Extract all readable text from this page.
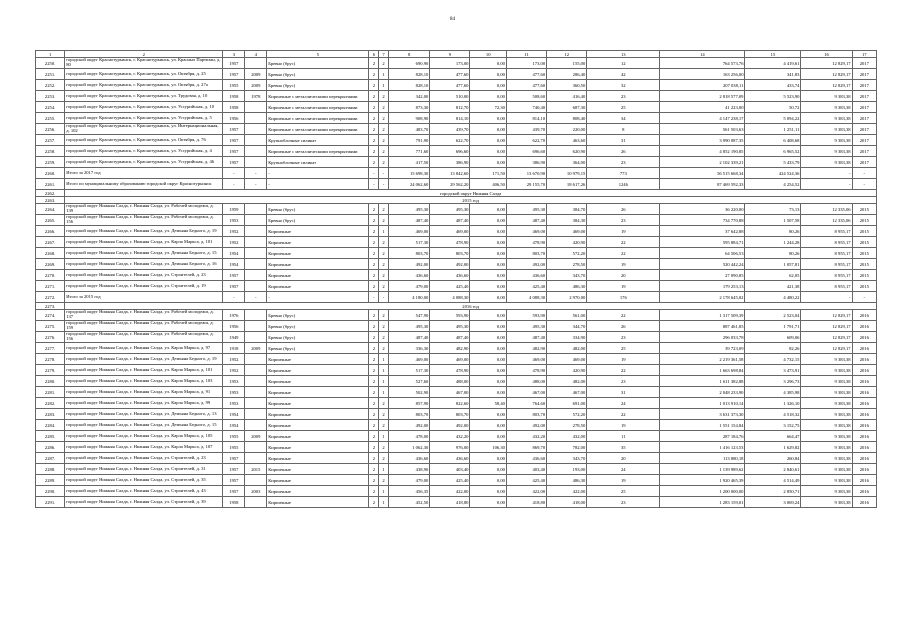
84
1	2	3	4	5	6	7	8	9	10	11	12	13	14	15	16	17
2250.	городской округ Краснотурьинск, г. Краснотурьинск, ул. Красных Партизан, д. 80	1957		Бревно (брус)	2	2	690,90	173,00	0,00	173,00	155,00	12	764 573,76	4 419,61	12 829,17	2017
2251.	городской округ Краснотурьинск, г. Краснотурьинск, ул. Октября, д. 25	1957	2009	Бревно (брус)	2	1	828,10	477,60	0,00	477,60	286,40	42	163 256,00	341,83	12 829,17	2017
2252.	городской округ Краснотурьинск, г. Краснотурьинск, ул. Октября, д. 27а	1955	2009	Бревно (брус)	2	1	828,10	477,60	0,00	477,60	360,50	32	207 038,11	433,74	12 829,17	2017
2253.	городской округ Краснотурьинск, г. Краснотурьинск, ул. Трудовая, д. 10	1958	1978	Кирпичные с металлическими перекрытиями	2	2	342,00	510,00	0,00	508,60	416,40	23	2 818 577,09	5 523,90	9 383,38	2017
2254.	городской округ Краснотурьинск, г. Краснотурьинск, ул. Уссурийская, д. 10	1958		Кирпичные с металлическими перекрытиями	2	2	873,30	812,70	72,30	740,40	687,30	25	41 223,00	50,72	9 383,38	2017
2255.	городской округ Краснотурьинск, г. Краснотурьинск, ул. Уссурийская, д. 5	1956		Кирпичные с металлическими перекрытиями	2	2	908,90	814,10	0,00	814,10	808,40	34	4 147 238,17	5 094,22	9 383,38	2017
2256.	городской округ Краснотурьинск, г. Краснотурьинск, ул. Интернациональная, д. 102	1957		Кирпичные с металлическими перекрытиями	2	2	483,70	439,70	0,00	439,70	220,00	8	561 503,63	1 251,11	9 383,38	2017
2257.	городской округ Краснотурьинск, г. Краснотурьинск, ул. Октября, д. 76	1957		Крупноблочные силикат	2	2	791,90	622,70	0,00	622,70	463,60	31	3 990 087,35	6 408,68	9 383,38	2017
2258.	городской округ Краснотурьинск, г. Краснотурьинск, ул. Уссурийская, д. 4	1957		Кирпичные с металлическими перекрытиями	2	2	771,60	696,60	0,00	696,60	620,90	26	4 852 190,85	6 965,52	9 383,38	2017
2259.	городской округ Краснотурьинск, г. Краснотурьинск, ул. Уссурийская, д. 46	1957		Крупноблочные силикат	2	2	417,50	386,90	0,00	386,90	364,00	23	2 102 339,21	5 433,79	9 383,38	2017
2260.	Итого за 2017 год	-	-	-	-	-	15 698,30	13 842,60	171,50	13 670,90	10 979,15	773	56 515 668,34	424 524,36	-	-
2261.	Итого по муниципальному образованию городской округ Краснотурьинск	-	-	-	-	-	24 062,60	29 562,20	406,50	29 155,70	18 617,26	1246	87 469 592,33	4 254,52	-	-
2262.	городской округ Нижняя Салда															
2263.	2015 год															
2264.	городской округ Нижняя Салда, г. Нижняя Салда, ул. Рабочей молодежи, д. 139	1959		Бревно (брус)	2	2	495,30	495,30	0,00	495,30	384,70	26	36 220,00	73,13	12 335,06	2015
2265.	городской округ Нижняя Салда, г. Нижняя Салда, ул. Рабочей молодежи, д. 156	1953		Бревно (брус)	2	2	487,40	487,40	0,00	487,40	384,30	23	734 770,88	1 507,58	12 335,06	2015
2266.	городской округ Нижняя Салда, г. Нижняя Салда, ул. Демьяна Бедного, д. 19	1952		Кирпичные	2	1	469,00	469,00	0,00	469,00	469,00	19	37 642,88	80,26	8 955,17	2015
2267.	городской округ Нижняя Салда, г. Нижняя Салда, ул. Карла Маркса, д. 101	1952		Кирпичные	2	2	517,30	478,90	0,00	478,90	420,90	22	595 884,71	1 244,28	8 955,17	2015
2268.	городской округ Нижняя Салда, г. Нижняя Салда, ул. Демьяна Бедного, д. 15	1954		Кирпичные	2	2	803,70	803,70	0,00	803,70	572,20	22	64 506,53	80,26	8 955,17	2015
2269.	городской округ Нижняя Салда, г. Нижняя Салда, ул. Демьяна Бедного, д. 16	1954		Кирпичные	2	2	492,00	492,00	0,00	492,00	278,50	19	520 442,24	1 057,81	8 955,17	2015
2270.	городской округ Нижняя Салда, г. Нижняя Салда, ул. Строителей, д. 23	1957		Кирпичные	2	2	436,60	436,60	0,00	436,60	343,70	20	27 090,85	62,05	8 955,17	2015
2271.	городской округ Нижняя Салда, г. Нижняя Салда, ул. Строителей, д. 19	1957		Кирпичные	2	2	479,00	425,40	0,00	425,40	486,30	19	179 253,13	421,38	8 955,17	2015
2272.	Итого за 2015 год	-	-	-	-	-	4 180,00	4 088,30	0,00	4 088,30	2 970,00	176	2 178 645,02	4 480,22	-	-
2273.	2016 год															
2274.	городской округ Нижняя Салда, г. Нижняя Салда, ул. Рабочей молодежи, д. 137	1976		Бревно (брус)	2	2	547,90	593,90	0,00	593,90	561,00	22	1 317 509,39	2 523,04	12 829,17	2016
2275.	городской округ Нижняя Салда, г. Нижняя Салда, ул. Рабочей молодежи, д. 159	1956		Бревно (брус)	2	2	495,30	495,30	0,00	495,30	344,70	26	887 461,85	1 791,71	12 829,17	2016
2276.	городской округ Нижняя Салда, г. Нижняя Салда, ул. Рабочей молодежи, д. 156	1949		Бревно (брус)	2	2	487,40	487,40	0,00	487,40	334,90	23	296 033,78	609,06	12 829,17	2016
2277.	городской округ Нижняя Салда, г. Нижняя Салда, ул. Карла Маркса, д. 97	1918	2009	Бревно (брус)	2	2	336,30	482,90	0,00	482,90	482,00	25	39 723,09	82,26	12 829,17	2016
2278.	городской округ Нижняя Салда, г. Нижняя Салда, ул. Демьяна Бедного, д. 19	1952		Кирпичные	2	1	469,00	469,00	0,00	469,00	469,00	19	2 219 361,58	4 732,15	9 383,38	2016
2279.	городской округ Нижняя Салда, г. Нижняя Салда, ул. Карла Маркса, д. 101	1952		Кирпичные	2	1	517,30	478,90	0,00	478,90	420,90	22	1 663 698,84	3 473,91	9 383,38	2016
2280.	городской округ Нижняя Салда, г. Нижняя Салда, ул. Карла Маркса, д. 103	1953		Кирпичные	2	1	527,60	488,00	0,00	488,00	482,00	23	1 611 382,88	3 296,73	9 383,38	2016
2281.	городской округ Нижняя Салда, г. Нижняя Салда, ул. Карла Маркса, д. 91	1953		Кирпичные	2	1	502,90	467,00	0,00	467,00	467,00	31	2 048 233,90	4 385,98	9 383,38	2016
2282.	городской округ Нижняя Салда, г. Нижняя Салда, ул. Карла Маркса, д. 99	1953		Кирпичные	2	2	857,90	822,60	58,40	764,60	691,00	24	1 013 910,14	1 326,10	9 383,38	2016
2283.	городской округ Нижняя Салда, г. Нижняя Салда, ул. Демьяна Бедного, д. 13	1954		Кирпичные	2	2	803,70	803,70	0,00	803,70	572,20	22	3 631 373,30	4 518,32	9 383,38	2016
2284.	городской округ Нижняя Салда, г. Нижняя Салда, ул. Демьяна Бедного, д. 15	1954		Кирпичные	2	2	492,00	492,00	0,00	492,00	278,50	19	1 551 154,84	3 152,75	9 383,38	2016
2285.	городской округ Нижняя Салда, г. Нижняя Салда, ул. Карла Маркса, д. 105	1955	2009	Кирпичные	2	1	478,00	432,20	0,00	432,20	432,00	11	287 184,76	664,47	9 383,38	2016
2286.	городской округ Нижняя Салда, г. Нижняя Салда, ул. Карла Маркса, д. 107	1955		Кирпичные	2	2	1 062,30	976,00	106,30	869,70	782,00	35	1 416 123,53	1 629,82	9 383,38	2016
2287.	городской округ Нижняя Салда, г. Нижняя Салда, ул. Строителей, д. 23	1957		Кирпичные	2	2	436,60	436,60	0,00	436,60	343,70	20	113 880,18	260,84	9 383,38	2016
2288.	городской округ Нижняя Салда, г. Нижняя Салда, ул. Строителей, д. 31	1957	2015	Кирпичные	2	1	438,90	403,40	0,00	403,40	193,00	24	1 139 989,62	2 840,61	9 383,38	2016
2289.	городской округ Нижняя Салда, г. Нижняя Салда, ул. Строителей, д. 35	1957		Кирпичные	2	2	479,00	425,40	0,00	425,40	486,30	19	1 920 465,39	4 514,49	9 383,38	2016
2290.	городской округ Нижняя Салда, г. Нижняя Салда, ул. Строителей, д. 43	1957	2003	Кирпичные	2	1	456,35	422,00	0,00	422,00	422,00	25	1 200 000,00	2 850,71	9 383,38	2016
2291.	городской округ Нижняя Салда, г. Нижняя Салда, ул. Строителей, д. 39	1958		Кирпичные	2	1	452,50	418,80	0,00	418,80	418,00	23	1 283 159,01	3 069,24	9 383,38	2016
